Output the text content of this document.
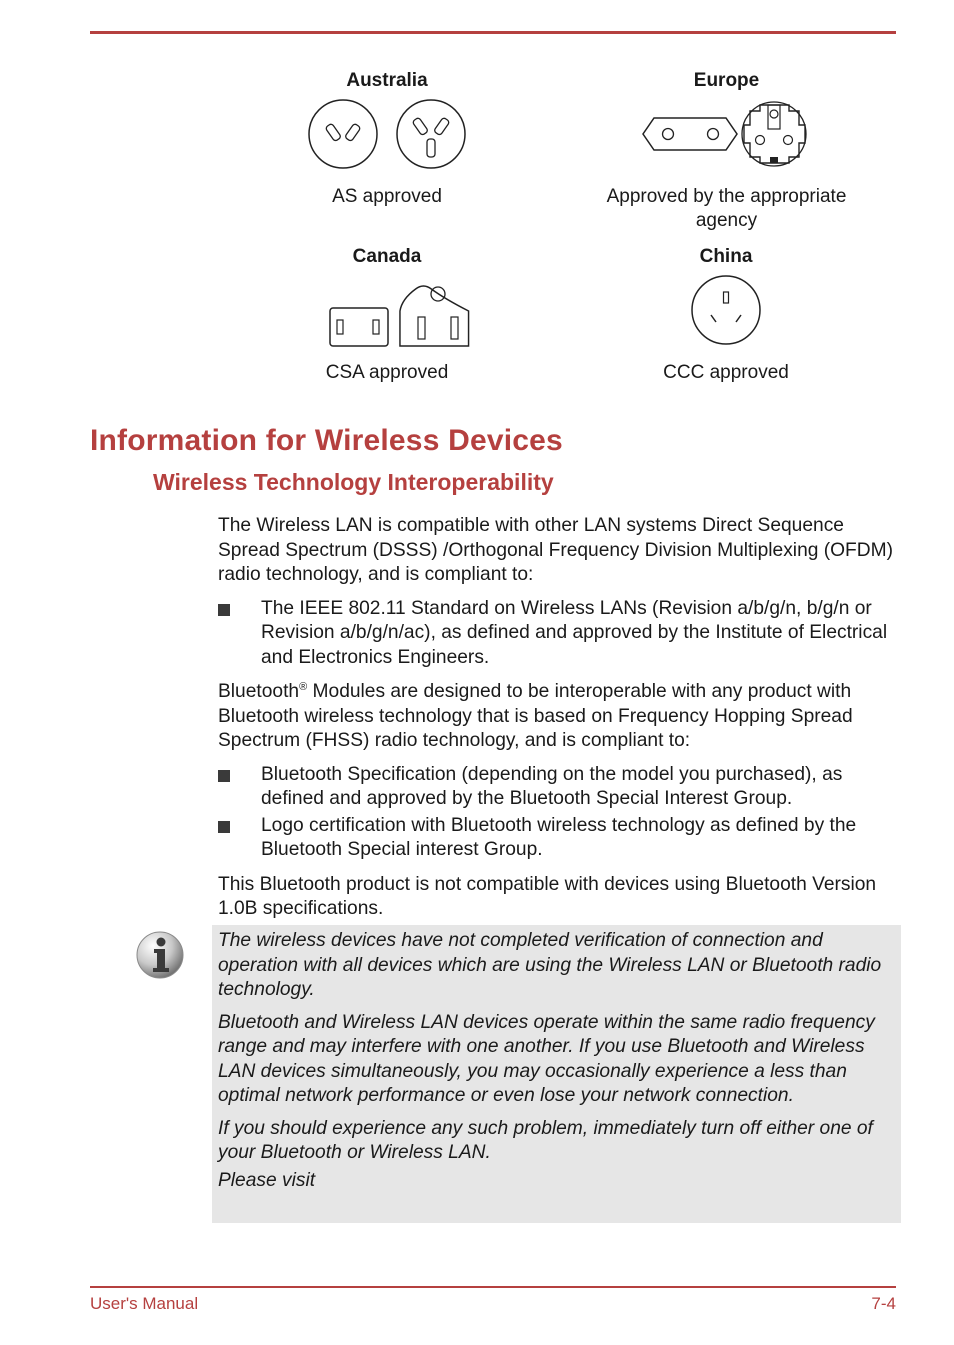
Australia
AS approved
Europe
Approved by the appropriate
agency
Canada
CSA approved
China
CCC approved
Information for Wireless Devices
Wireless Technology Interoperability

The Wireless LAN is compatible with other LAN systems Direct Sequence Spread Spectrum (DSSS) /Orthogonal Frequency Division Multiplexing (OFDM) radio technology, and is compliant to:

The IEEE 802.11 Standard on Wireless LANs (Revision a/b/g/n, b/g/n or Revision a/b/g/n/ac), as defined and approved by the Institute of Electrical and Electronics Engineers.

Bluetooth® Modules are designed to be interoperable with any product with Bluetooth wireless technology that is based on Frequency Hopping Spread Spectrum (FHSS) radio technology, and is compliant to:

Bluetooth Specification (depending on the model you purchased), as defined and approved by the Bluetooth Special Interest Group.
Logo certification with Bluetooth wireless technology as defined by the Bluetooth Special interest Group.

This Bluetooth product is not compatible with devices using Bluetooth Version 1.0B specifications.

The wireless devices have not completed verification of connection and operation with all devices which are using the Wireless LAN or Bluetooth radio technology.

Bluetooth and Wireless LAN devices operate within the same radio frequency range and may interfere with one another. If you use Bluetooth and Wireless LAN devices simultaneously, you may occasionally experience a less than optimal network performance or even lose your network connection.

If you should experience any such problem, immediately turn off either one of your Bluetooth or Wireless LAN.

Please visit

User's Manual	7-4
